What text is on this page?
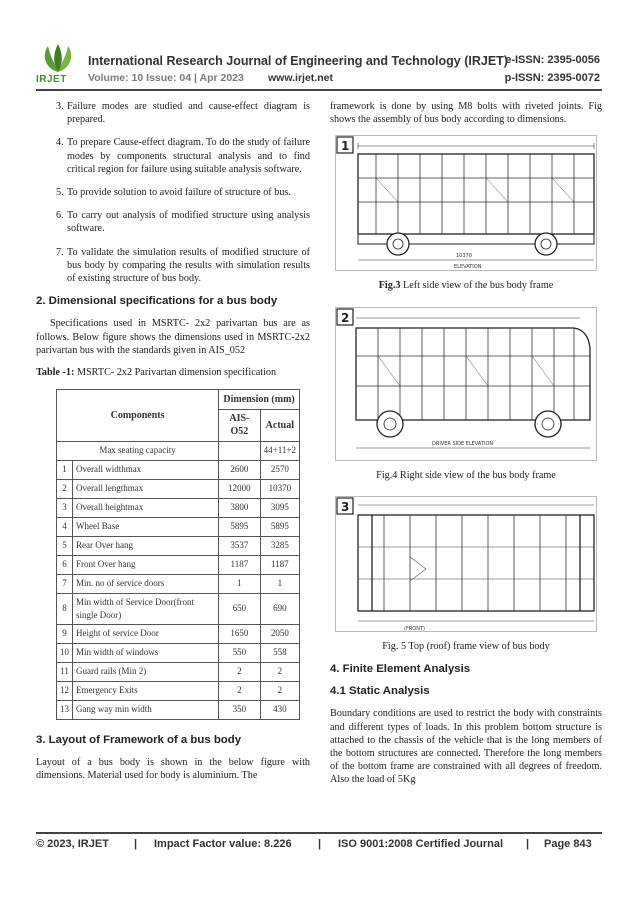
IRJET
International Research Journal of Engineering and Technology (IRJET)
e-ISSN: 2395-0056
Volume: 10 Issue: 04 | Apr 2023 www.irjet.net	p-ISSN: 2395-0072
3. Failure modes are studied and cause-effect diagram is prepared.
4. To prepare Cause-effect diagram. To do the study of failure modes by components structural analysis and to find critical region for failure using suitable analysis software.
5. To provide solution to avoid failure of structure of bus.
6. To carry out analysis of modified structure using analysis software.
7. To validate the simulation results of modified structure of bus body by comparing the results with simulation results of existing structure of bus body.
2. Dimensional specifications for a bus body

Specifications used in MSRTC- 2x2 parivartan bus are as follows. Below figure shows the dimensions used in MSRTC-2x2 parivartan bus with the standards given in AIS_052

Table -1: MSRTC- 2x2 Parivartan dimension specification

Components		Dimension (mm)	
		AIS-O52	Actual
Max seating capacity			44+11+2
1	Overall widthmax	2600	2570
2	Overall lengthmax	12000	10370
3	Overall heightmax	3800	3095
4	Wheel Base	5895	5895
5	Rear Over hang	3537	3285
6	Front Over hang	1187	1187
7	Min. no of service doors	1	1
8	Min width of Service Door(front single Door)	650	690
9	Height of service Door	1650	2050
10	Min width of windows	550	558
11	Guard rails (Min 2)	2	2
12	Emergency Exits	2	2
13	Gang way min width	350	430
3. Layout of Framework of a bus body

Layout of a bus body is shown in the below figure with dimensions. Material used for body is aluminium. The

framework is done by using M8 bolts with riveted joints. Fig shows the assembly of bus body according to dimensions.

1
10370
ELEVATION

Fig.3 Left side view of the bus body frame

2
DRIVER SIDE ELEVATION

Fig.4 Right side view of the bus body frame

3
(FRONT)

Fig. 5 Top (roof) frame view of bus body

4. Finite Element Analysis
4.1 Static Analysis

Boundary conditions are used to restrict the body with constraints and different types of loads. In this problem bottom structure is attached to the chassis of the vehicle that is the long members of the bottom structures are connected. Therefore the long members of the bottom frame are constrained with all degrees of freedom. Also the load of 5Kg

© 2023, IRJET | Impact Factor value: 8.226 | ISO 9001:2008 Certified Journal | Page 843
